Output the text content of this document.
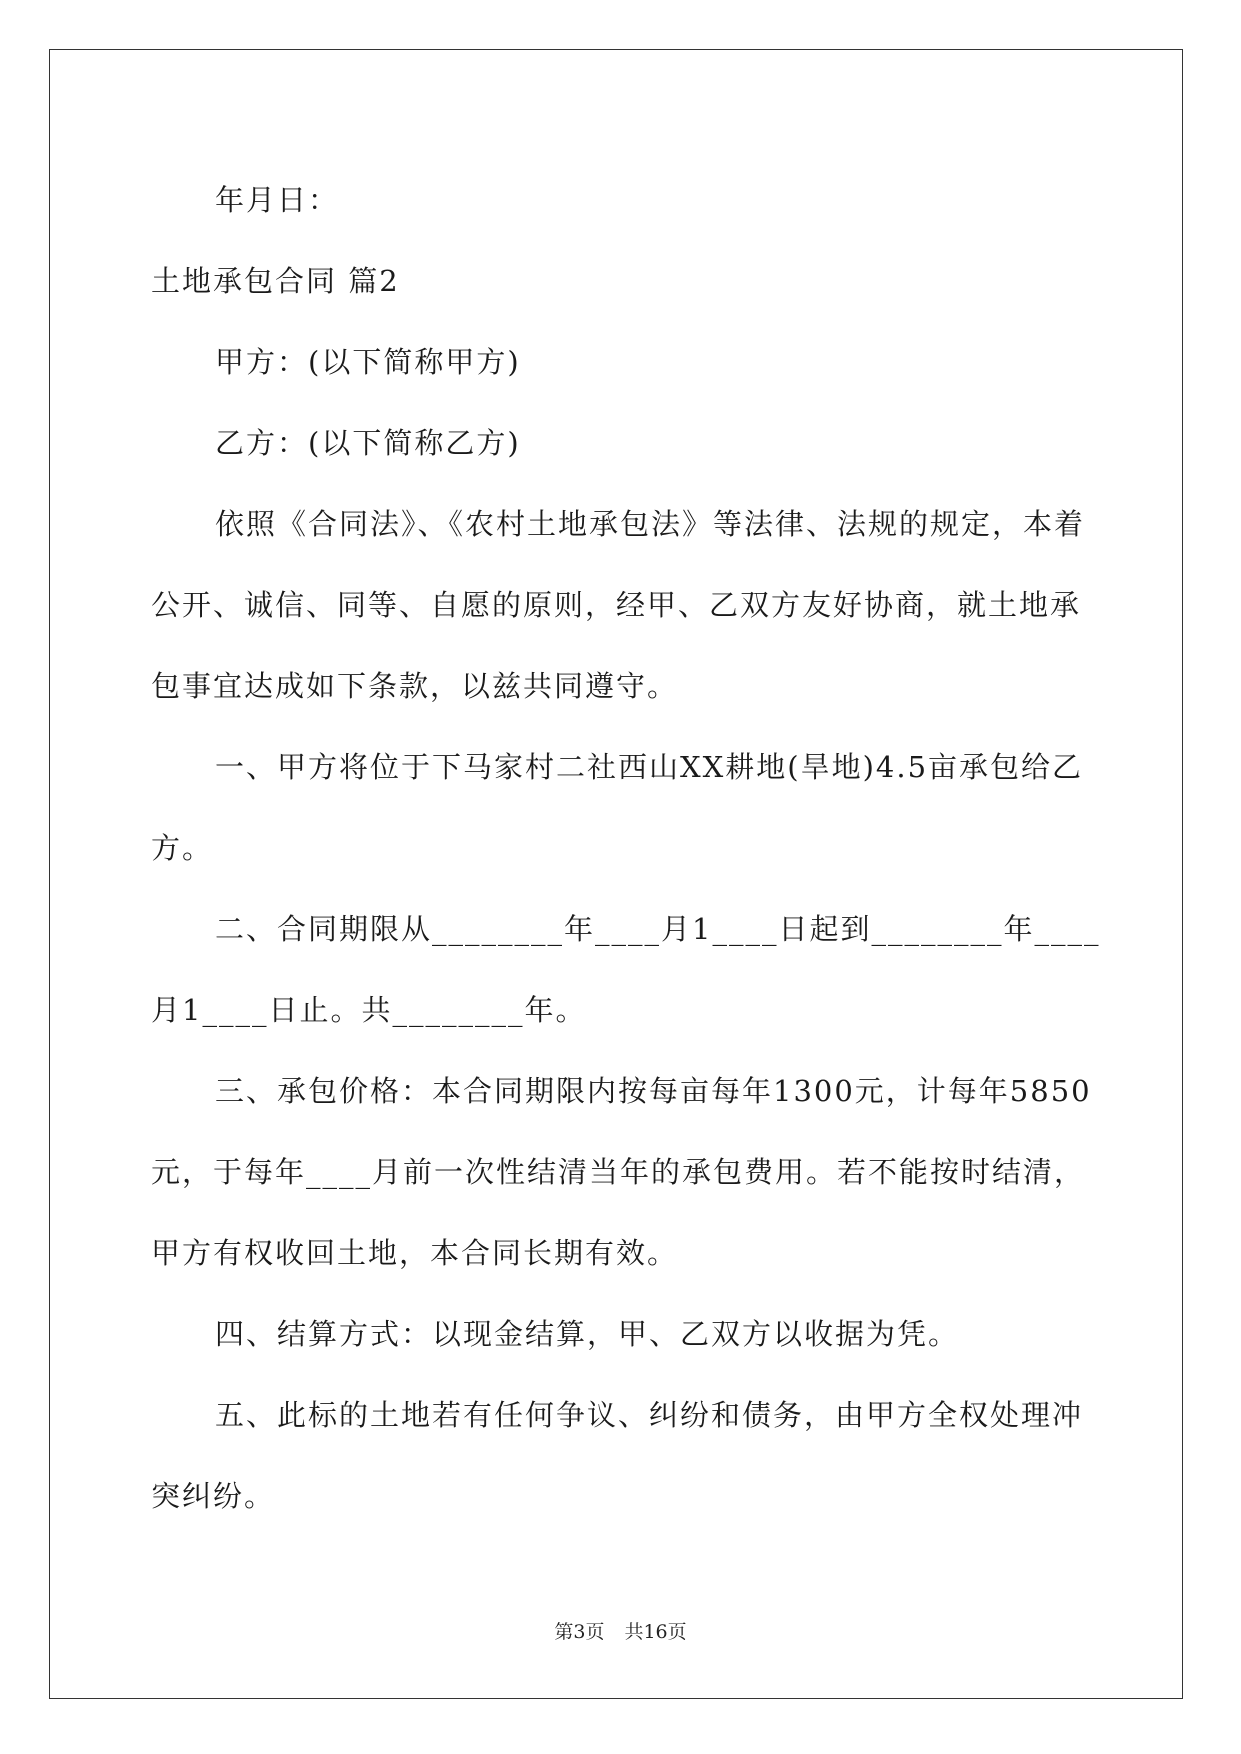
年月日：
土地承包合同 篇2
甲方：(以下简称甲方)
乙方：(以下简称乙方)
依照《合同法》、《农村土地承包法》等法律、法规的规定，本着
公开、诚信、同等、自愿的原则，经甲、乙双方友好协商，就土地承
包事宜达成如下条款，以兹共同遵守。
一、甲方将位于下马家村二社西山XX耕地(旱地)4.5亩承包给乙
方。
二、合同期限从________年____月1____日起到________年____
月1____日止。共________年。
三、承包价格：本合同期限内按每亩每年1300元，计每年5850
元，于每年____月前一次性结清当年的承包费用。若不能按时结清，
甲方有权收回土地，本合同长期有效。
四、结算方式：以现金结算，甲、乙双方以收据为凭。
五、此标的土地若有任何争议、纠纷和债务，由甲方全权处理冲
突纠纷。
第3页 共16页
